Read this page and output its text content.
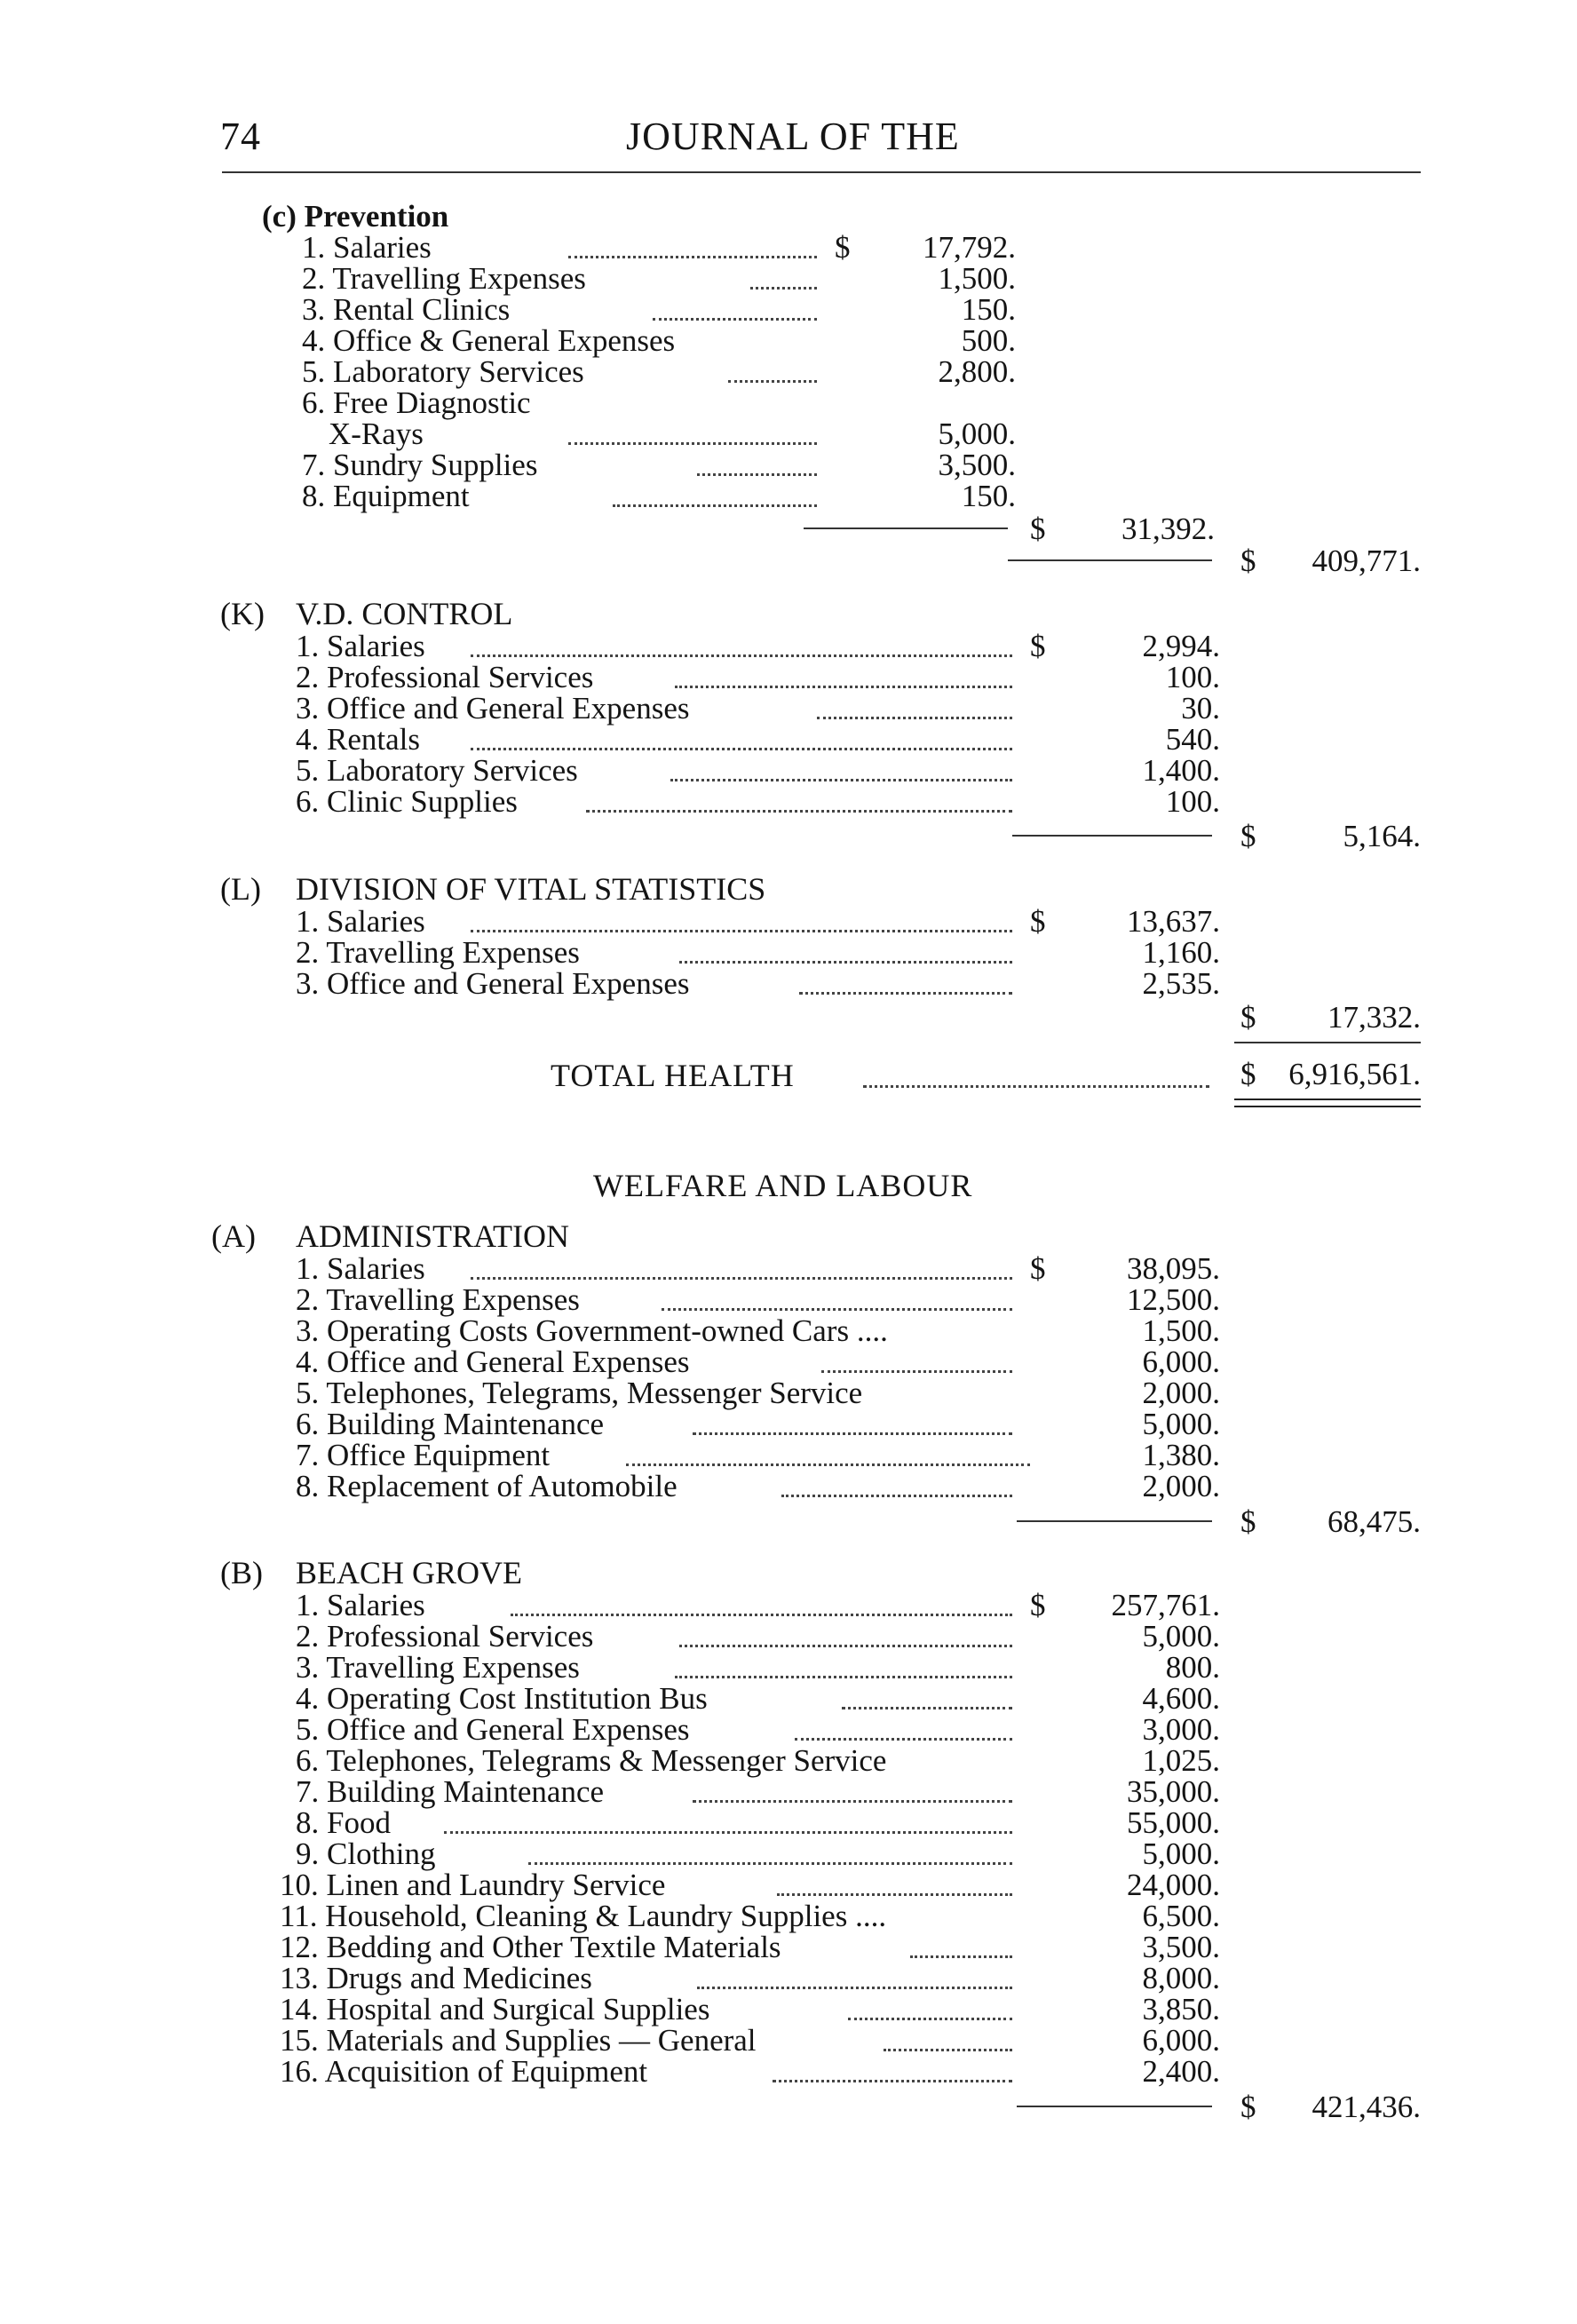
74	JOURNAL OF THE
(c) Prevention
1. Salaries	$ 17,792.
2. Travelling Expenses	1,500.
3. Rental Clinics	150.
4. Office & General Expenses	500.
5. Laboratory Services	2,800.
6. Free Diagnostic
X-Rays	5,000.
7. Sundry Supplies	3,500.
8. Equipment	150.
$ 31,392.
$ 409,771.
(K) V.D. CONTROL
1. Salaries	$	2,994.
2. Professional Services	100.
3. Office and General Expenses	30.
4. Rentals	540.
5. Laboratory Services	1,400.
6. Clinic Supplies	100.
$	5,164.
(L) DIVISION OF VITAL STATISTICS
1. Salaries	$	13,637.
2. Travelling Expenses	1,160.
3. Office and General Expenses	2,535.
$ 17,332.
TOTAL HEALTH	$ 6,916,561.
WELFARE AND LABOUR
(A) ADMINISTRATION
1. Salaries	$	38,095.
2. Travelling Expenses	12,500.
3. Operating Costs Government-owned Cars ....	1,500.
4. Office and General Expenses	6,000.
5. Telephones, Telegrams, Messenger Service	2,000.
6. Building Maintenance	5,000.
7. Office Equipment	1,380.
8. Replacement of Automobile	2,000.
$ 68,475.
(B) BEACH GROVE
1. Salaries	$ 257,761.
2. Professional Services	5,000.
3. Travelling Expenses	800.
4. Operating Cost Institution Bus	4,600.
5. Office and General Expenses	3,000.
6. Telephones, Telegrams & Messenger Service	1,025.
7. Building Maintenance	35,000.
8. Food	55,000.
9. Clothing	5,000.
10. Linen and Laundry Service	24,000.
11. Household, Cleaning & Laundry Supplies ....	6,500.
12. Bedding and Other Textile Materials	3,500.
13. Drugs and Medicines	8,000.
14. Hospital and Surgical Supplies	3,850.
15. Materials and Supplies — General	6,000.
16. Acquisition of Equipment	2,400.
$ 421,436.
